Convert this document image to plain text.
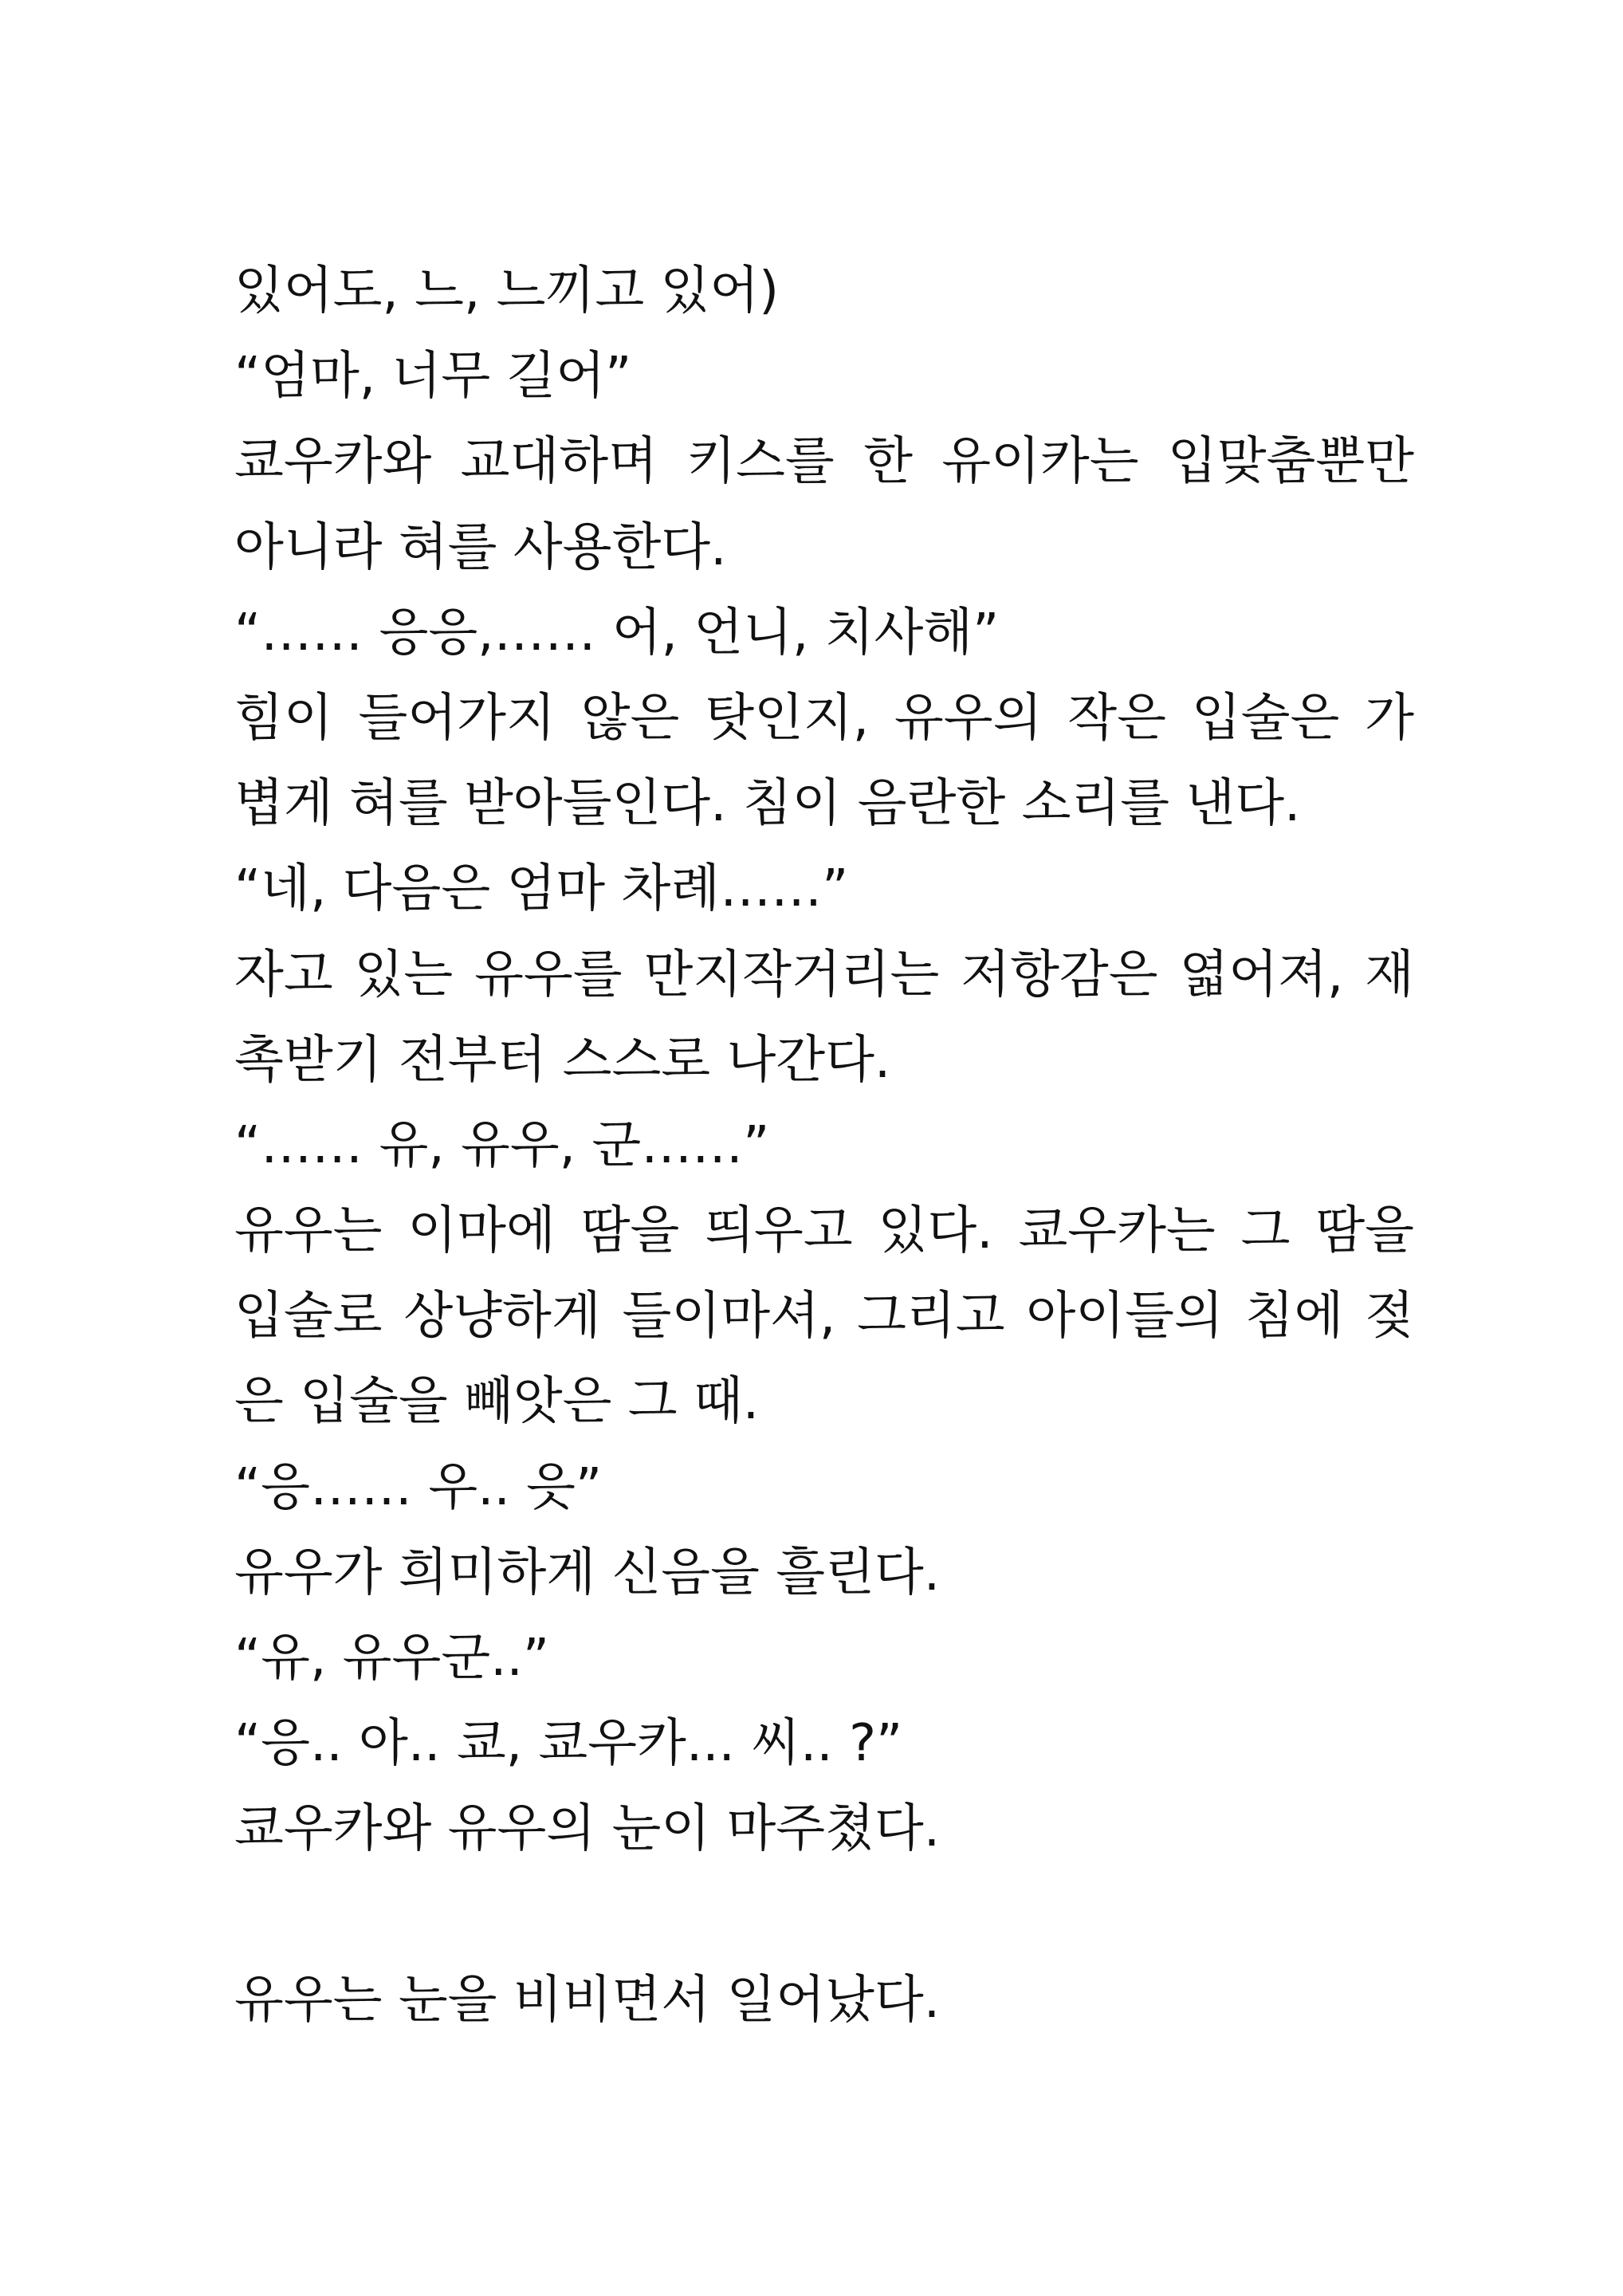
있어도, 느, 느끼고 있어)
“엄마, 너무 길어”
쿄우카와 교대하며 키스를 한 유이카는 입맞춤뿐만
아니라 혀를 사용한다.
“…… 응응,…… 어, 언니, 치사해”
힘이 들어가지 않은 탓인지, 유우의 작은 입술은 가
볍게 혀를 받아들인다. 침이 음란한 소리를 낸다.
“네, 다음은 엄마 차례……”
자고 있는 유우를 만지작거리는 저항감은 엷어져, 재
촉받기 전부터 스스로 나간다.
“…… 유, 유우, 군……”
유우는 이마에 땀을 띄우고 있다. 쿄우카는 그 땀을
입술로 상냥하게 들이마셔, 그리고 아이들의 침에 젖
은 입술을 빼앗은 그 때.
“응…… 우.. 읏”
유우가 희미하게 신음을 흘린다.
“유, 유우군..”
“응.. 아.. 쿄, 쿄우카... 씨.. ?”
쿄우카와 유우의 눈이 마주쳤다.
유우는 눈을 비비면서 일어났다.
